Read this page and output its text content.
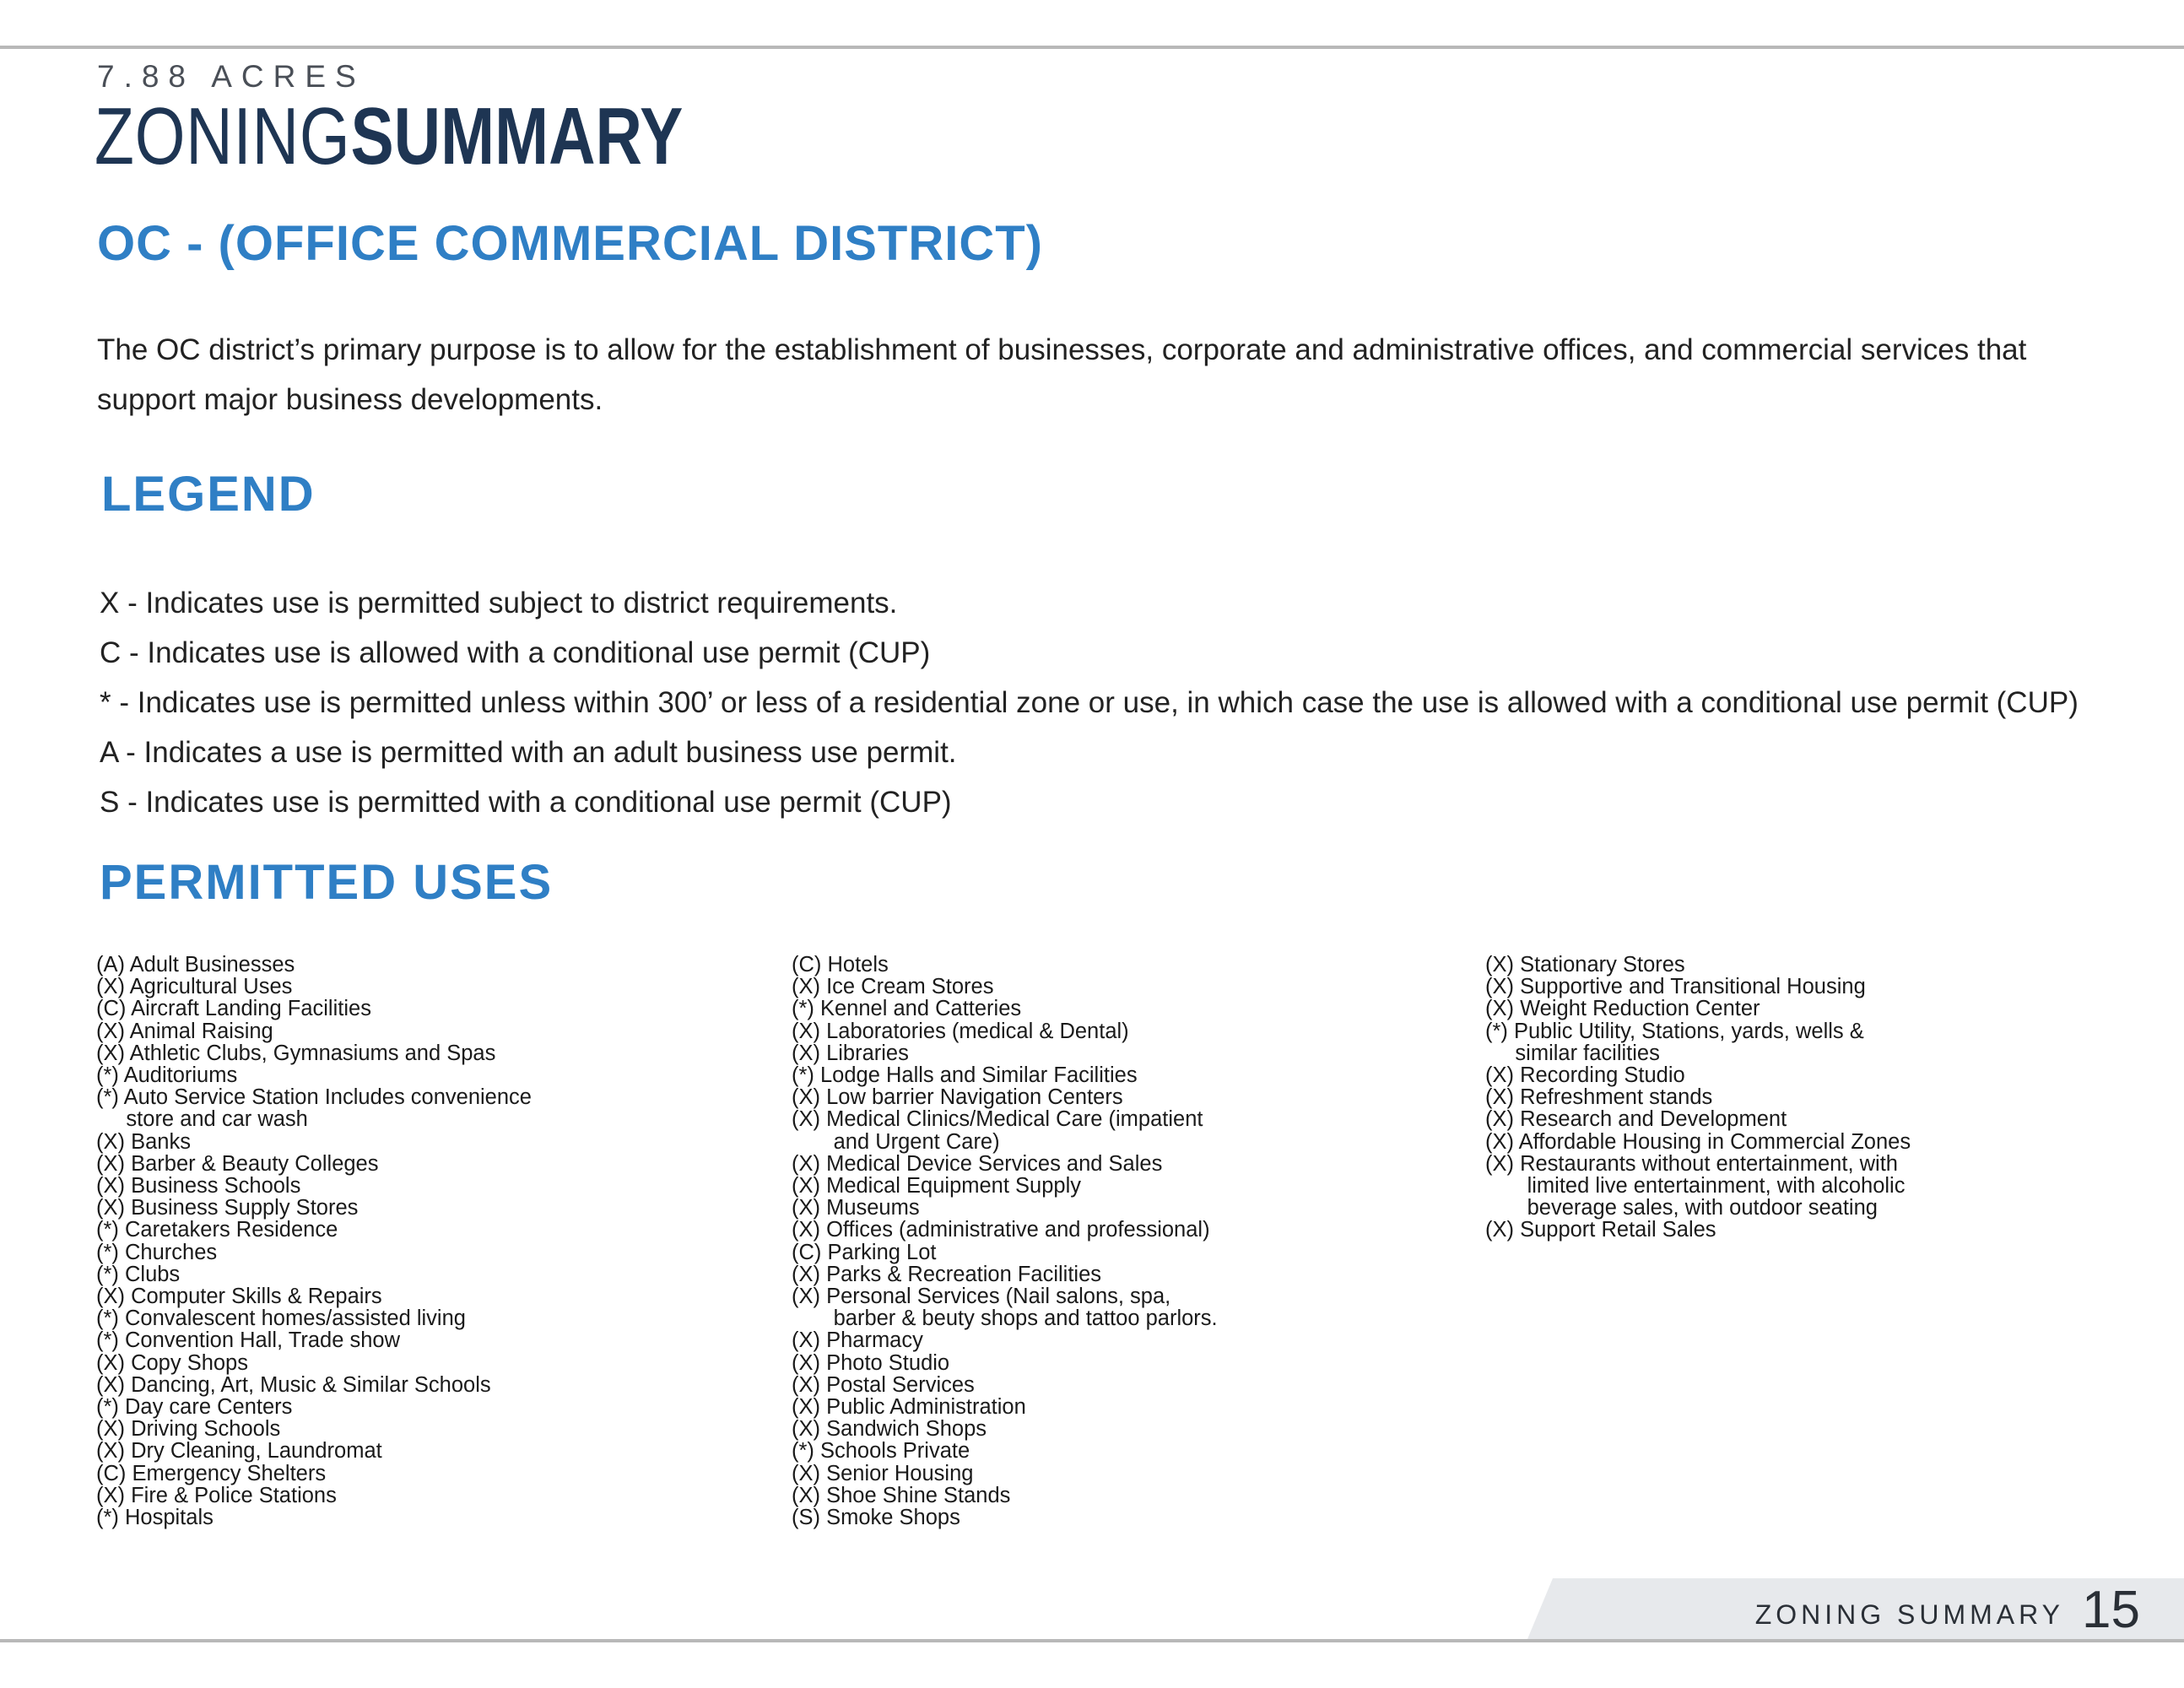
7.88 ACRES
ZONINGSUMMARY
OC - (OFFICE COMMERCIAL DISTRICT)
The OC district’s primary purpose is to allow for the establishment of businesses, corporate and administrative offices, and commercial services that support major business developments.
LEGEND
X - Indicates use is permitted subject to district requirements.
C - Indicates use is allowed with a conditional use permit (CUP)
* - Indicates use is permitted unless within 300’ or less of a residential zone or use, in which case the use is allowed with a conditional use permit (CUP)
A - Indicates a use is permitted with an adult business use permit.
S - Indicates use is permitted with a conditional use permit (CUP)
PERMITTED USES
(A) Adult Businesses
(X) Agricultural Uses
(C) Aircraft Landing Facilities
(X) Animal Raising
(X) Athletic Clubs, Gymnasiums and Spas
(*) Auditoriums
(*) Auto Service Station Includes convenience
store and car wash
(X) Banks
(X) Barber & Beauty Colleges
(X) Business Schools
(X) Business Supply Stores
(*) Caretakers Residence
(*) Churches
(*) Clubs
(X) Computer Skills & Repairs
(*) Convalescent homes/assisted living
(*) Convention Hall, Trade show
(X) Copy Shops
(X) Dancing, Art, Music & Similar Schools
(*) Day care Centers
(X) Driving Schools
(X) Dry Cleaning, Laundromat
(C) Emergency Shelters
(X) Fire & Police Stations
(*) Hospitals
(C) Hotels
(X) Ice Cream Stores
(*) Kennel and Catteries
(X) Laboratories (medical & Dental)
(X) Libraries
(*) Lodge Halls and Similar Facilities
(X) Low barrier Navigation Centers
(X) Medical Clinics/Medical Care (impatient
and Urgent Care)
(X) Medical Device Services and Sales
(X) Medical Equipment Supply
(X) Museums
(X) Offices (administrative and professional)
(C) Parking Lot
(X) Parks & Recreation Facilities
(X) Personal Services (Nail salons, spa,
barber & beuty shops and tattoo parlors.
(X) Pharmacy
(X) Photo Studio
(X) Postal Services
(X) Public Administration
(X) Sandwich Shops
(*) Schools Private
(X) Senior Housing
(X) Shoe Shine Stands
(S) Smoke Shops
(X) Stationary Stores
(X) Supportive and Transitional Housing
(X) Weight Reduction Center
(*) Public Utility, Stations, yards, wells &
similar facilities
(X) Recording Studio
(X) Refreshment stands
(X) Research and Development
(X) Affordable Housing in Commercial Zones
(X) Restaurants without entertainment, with
limited live entertainment, with alcoholic
beverage sales, with outdoor seating
(X) Support Retail Sales
ZONING SUMMARY 15
